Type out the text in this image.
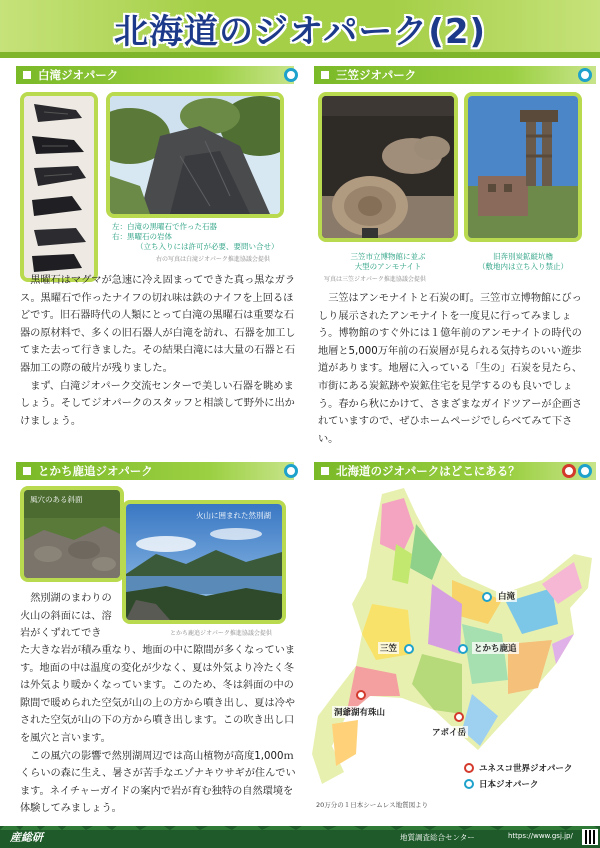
北海道のジオパーク(2)
白滝ジオパーク
左：白滝の黒曜石で作った石器
右：黒曜石の岩体
（立ち入りには許可が必要、要問い合せ）
右の写真は白滝ジオパーク推進協議会提供

黒曜石はマグマが急速に冷え固まってできた真っ黒なガラス。黒曜石で作ったナイフの切れ味は鉄のナイフを上回るほどです。旧石器時代の人類にとって白滝の黒曜石は重要な石器の原材料で、多くの旧石器人が白滝を訪れ、石器を加工してまた去って行きました。その結果白滝には大量の石器と石器加工の際の破片が残りました。

まず、白滝ジオパーク交流センターで美しい石器を眺めましょう。そしてジオパークのスタッフと相談して野外に出かけましょう。

三笠ジオパーク
三笠市立博物館に並ぶ
大型のアンモナイト
写真は三笠ジオパーク推進協議会提供
旧奔別炭鉱縦坑櫓
（敷地内は立ち入り禁止）

三笠はアンモナイトと石炭の町。三笠市立博物館にびっしり展示されたアンモナイトを一度見に行ってみましょう。博物館のすぐ外には１億年前のアンモナイトの時代の地層と5,000万年前の石炭層が見られる気持ちのいい遊歩道があります。地層に入っている「生の」石炭を見たら、市街にある炭鉱跡や炭鉱住宅を見学するのも良いでしょう。春から秋にかけて、さまざまなガイドツアーが企画されていますので、ぜひホームページでしらべてみて下さい。

とかち鹿追ジオパーク
風穴のある斜面
火山に囲まれた然別湖
とかち鹿追ジオパーク推進協議会提供

然別湖のまわりの火山の斜面には、溶岩がくずれてでき

た大きな岩が積み重なり、地面の中に隙間が多くなっています。地面の中は温度の変化が少なく、夏は外気より冷たく冬は外気より暖かくなっています。このため、冬は斜面の中の隙間で暖められた空気が山の上の方から噴き出し、夏は冷やされた空気が山の下の方から噴き出します。この吹き出し口を風穴と言います。

この風穴の影響で然別湖周辺では高山植物が高度1,000ｍくらいの森に生え、暑さが苦手なエゾナキウサギが住んでいます。ネイチャーガイドの案内で岩が育む独特の自然環境を体験してみましょう。

北海道のジオパークはどこにある？
白滝
三笠	とかち鹿追
洞爺湖有珠山
アポイ岳
ユネスコ世界ジオパーク
日本ジオパーク
20万分の１日本シームレス地質図より
産総研	地質調査総合センター	https://www.gsj.jp/
